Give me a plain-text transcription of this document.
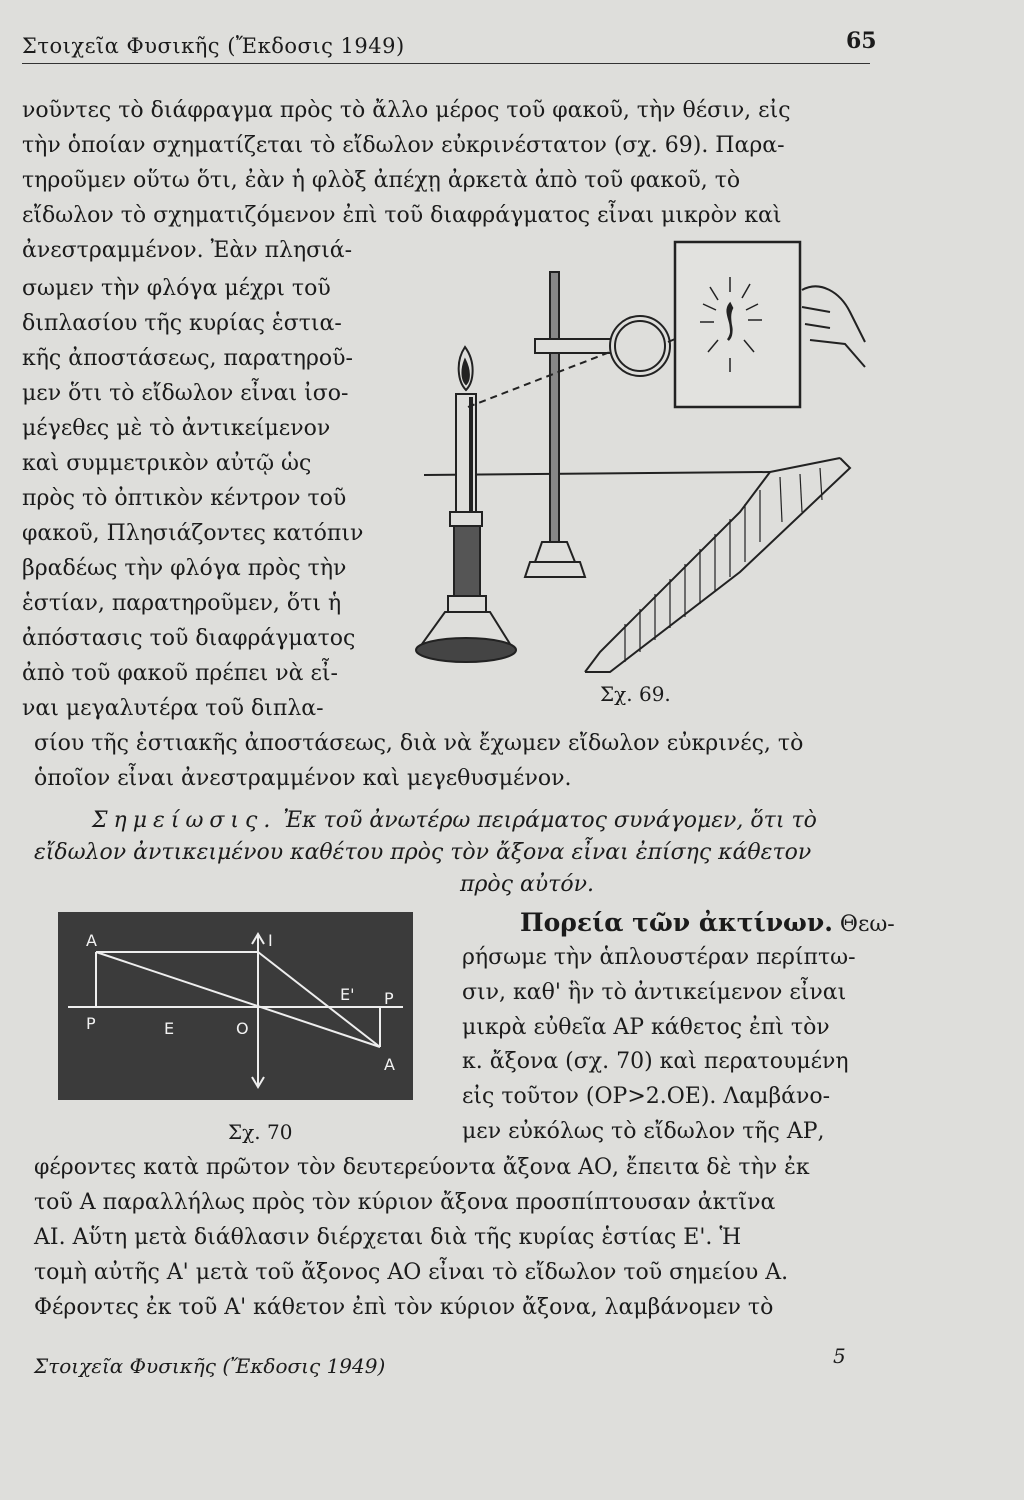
Στοιχεῖα Φυσικῆς (Ἔκδοσις 1949)	65
νοῦντες τὸ διάφραγμα πρὸς τὸ ἄλλο μέρος τοῦ φακοῦ, τὴν θέσιν, εἰς
τὴν ὁποίαν σχηματίζεται τὸ εἴδωλον εὐκρινέστατον (σχ. 69). Παρα-
τηροῦμεν οὕτω ὅτι, ἐὰν ἡ φλὸξ ἀπέχῃ ἀρκετὰ ἀπὸ τοῦ φακοῦ, τὸ
εἴδωλον τὸ σχηματιζόμενον ἐπὶ τοῦ διαφράγματος εἶναι μικρὸν καὶ
ἀνεστραμμένον. Ἐὰν πλησιά-
σωμεν τὴν φλόγα μέχρι τοῦ
διπλασίου τῆς κυρίας ἑστια-
κῆς ἀποστάσεως, παρατηροῦ-
μεν ὅτι τὸ εἴδωλον εἶναι ἰσο-
μέγεθες μὲ τὸ ἀντικείμενον
καὶ συμμετρικὸν αὐτῷ ὡς
πρὸς τὸ ὀπτικὸν κέντρον τοῦ
φακοῦ, Πλησιάζοντες κατόπιν
βραδέως τὴν φλόγα πρὸς τὴν
ἑστίαν, παρατηροῦμεν, ὅτι ἡ
ἀπόστασις τοῦ διαφράγματος
ἀπὸ τοῦ φακοῦ πρέπει νὰ εἶ-
ναι μεγαλυτέρα τοῦ διπλα-
Σχ. 69.
σίου τῆς ἑστιακῆς ἀποστάσεως, διὰ νὰ ἔχωμεν εἴδωλον εὐκρινές, τὸ
ὁποῖον εἶναι ἀνεστραμμένον καὶ μεγεθυσμένον.
Σημείωσις. Ἐκ τοῦ ἀνωτέρω πειράματος συνάγομεν, ὅτι τὸ
εἴδωλον ἀντικειμένου καθέτου πρὸς τὸν ἄξονα εἶναι ἐπίσης κάθετον
πρὸς αὐτόν.
A
P	E	O
I
E' P
A
Σχ. 70
Πορεία τῶν ἀκτίνων. Θεω-
ρήσωμε τὴν ἁπλουστέραν περίπτω-
σιν, καθ' ἣν τὸ ἀντικείμενον εἶναι
μικρὰ εὐθεῖα ΑΡ κάθετος ἐπὶ τὸν
κ. ἄξονα (σχ. 70) καὶ περατουμένη
εἰς τοῦτον (ΟΡ>2.ΟΕ). Λαμβάνο-
μεν εὐκόλως τὸ εἴδωλον τῆς ΑΡ,
φέροντες κατὰ πρῶτον τὸν δευτερεύοντα ἄξονα ΑΟ, ἔπειτα δὲ τὴν ἐκ
τοῦ Α παραλλήλως πρὸς τὸν κύριον ἄξονα προσπίπτουσαν ἀκτῖνα
ΑΙ. Αὕτη μετὰ διάθλασιν διέρχεται διὰ τῆς κυρίας ἑστίας Ε'. Ἡ
τομὴ αὐτῆς Α' μετὰ τοῦ ἄξονος ΑΟ εἶναι τὸ εἴδωλον τοῦ σημείου Α.
Φέροντες ἐκ τοῦ Α' κάθετον ἐπὶ τὸν κύριον ἄξονα, λαμβάνομεν τὸ
Στοιχεῖα Φυσικῆς (Ἔκδοσις 1949)	5
